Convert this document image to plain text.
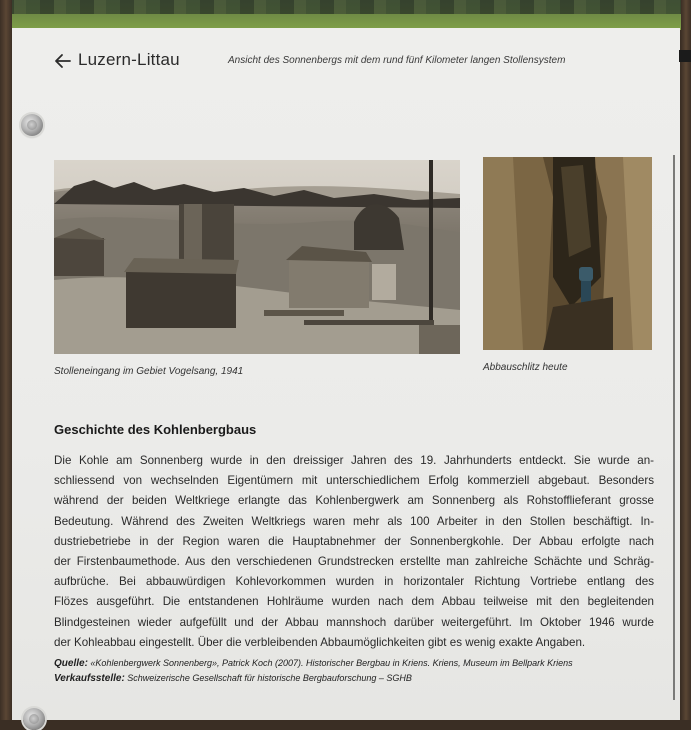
Luzern-Littau	Ansicht des Sonnenbergs mit dem rund fünf Kilometer langen Stollensystem
Stolleneingang im Gebiet Vogelsang, 1941	Abbauschlitz heute
Geschichte des Kohlenbergbaus
Die Kohle am Sonnenberg wurde in den dreissiger Jahren des 19. Jahrhunderts entdeckt. Sie wurde an-
schliessend von wechselnden Eigentümern mit unterschiedlichem Erfolg kommerziell abgebaut. Besonders
während der beiden Weltkriege erlangte das Kohlenbergwerk am Sonnenberg als Rohstofflieferant grosse
Bedeutung. Während des Zweiten Weltkriegs waren mehr als 100 Arbeiter in den Stollen beschäftigt. In-
dustriebetriebe in der Region waren die Hauptabnehmer der Sonnenbergkohle. Der Abbau erfolgte nach
der Firstenbaumethode. Aus den verschiedenen Grundstrecken erstellte man zahlreiche Schächte und Schräg-
aufbrüche. Bei abbauwürdigen Kohlevorkommen wurden in horizontaler Richtung Vortriebe entlang des
Flözes ausgeführt. Die entstandenen Hohlräume wurden nach dem Abbau teilweise mit den begleitenden
Blindgesteinen wieder aufgefüllt und der Abbau mannshoch darüber weitergeführt. Im Oktober 1946 wurde
der Kohleabbau eingestellt. Über die verbleibenden Abbaumöglichkeiten gibt es wenig exakte Angaben.
Quelle: «Kohlenbergwerk Sonnenberg», Patrick Koch (2007). Historischer Bergbau in Kriens. Kriens, Museum im Bellpark Kriens
Verkaufsstelle: Schweizerische Gesellschaft für historische Bergbauforschung – SGHB
